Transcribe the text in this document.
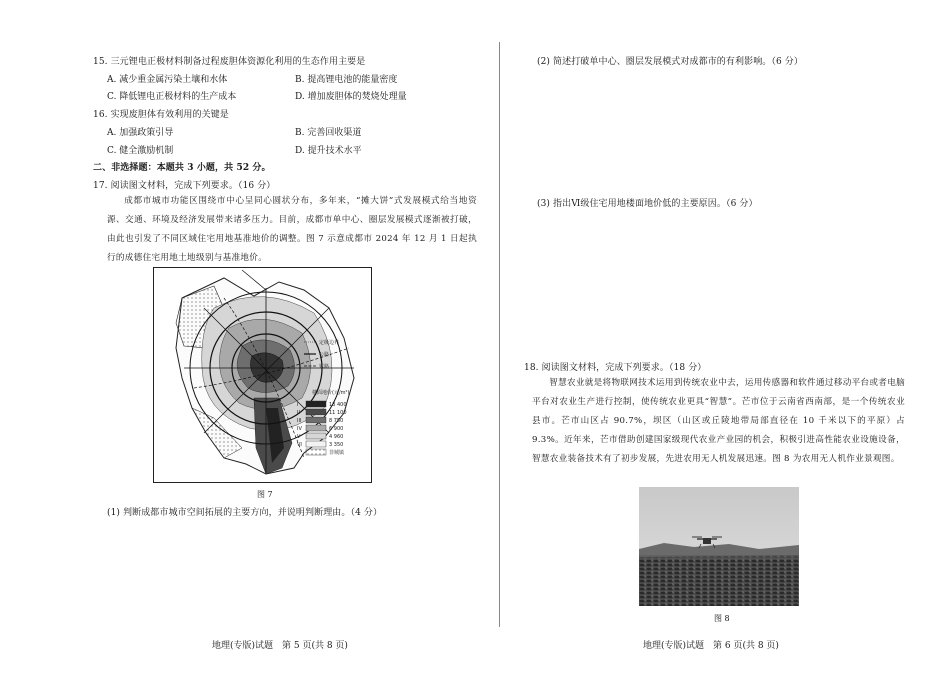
15. 三元锂电正极材料制备过程废胆体资源化利用的生态作用主要是
A. 减少重金属污染土壤和水体	B. 提高锂电池的能量密度
C. 降低锂电正极材料的生产成本	D. 增加废胆体的焚烧处理量
16. 实现废胆体有效利用的关键是
A. 加强政策引导	B. 完善回收渠道
C. 健全激励机制	D. 提升技术水平
二、非选择题：本题共 3 小题，共 52 分。
17. 阅读图文材料，完成下列要求。（16 分）
成都市城市功能区围绕市中心呈同心圆状分布，多年来，“摊大饼”式发展模式给当地资源、交通、环境及经济发展带来诸多压力。目前，成都市单中心、圈层发展模式逐渐被打破，由此也引发了不同区域住宅用地基准地价的调整。图 7 示意成都市 2024 年 12 月 1 日起执行的成德住宅用地土地级别与基准地价。
定级边界
公路
铁路
楼面地价(元/m²)
I	13 400
II	11 100
III	8 750
IV	6 900
V	4 960
VI	3 350
非城镇
图 7
(1) 判断成都市城市空间拓展的主要方向，并说明判断理由。（4 分）
地理(专版)试题　第 5 页(共 8 页)
(2) 简述打破单中心、圈层发展模式对成都市的有利影响。（6 分）
(3) 指出Ⅵ级住宅用地楼面地价低的主要原因。（6 分）
18. 阅读图文材料，完成下列要求。（18 分）
智慧农业就是将物联网技术运用到传统农业中去，运用传感器和软件通过移动平台或者电脑平台对农业生产进行控制，使传统农业更具“智慧”。芒市位于云南省西南部，是一个传统农业县市。芒市山区占 90.7%，坝区（山区或丘陵地带局部直径在 10 千米以下的平原）占 9.3%。近年来，芒市借助创建国家级现代农业产业园的机会，积极引进高性能农业设施设备，智慧农业装备技术有了初步发展，先进农用无人机发展迅速。图 8 为农用无人机作业景观图。
图 8
地理(专版)试题　第 6 页(共 8 页)
